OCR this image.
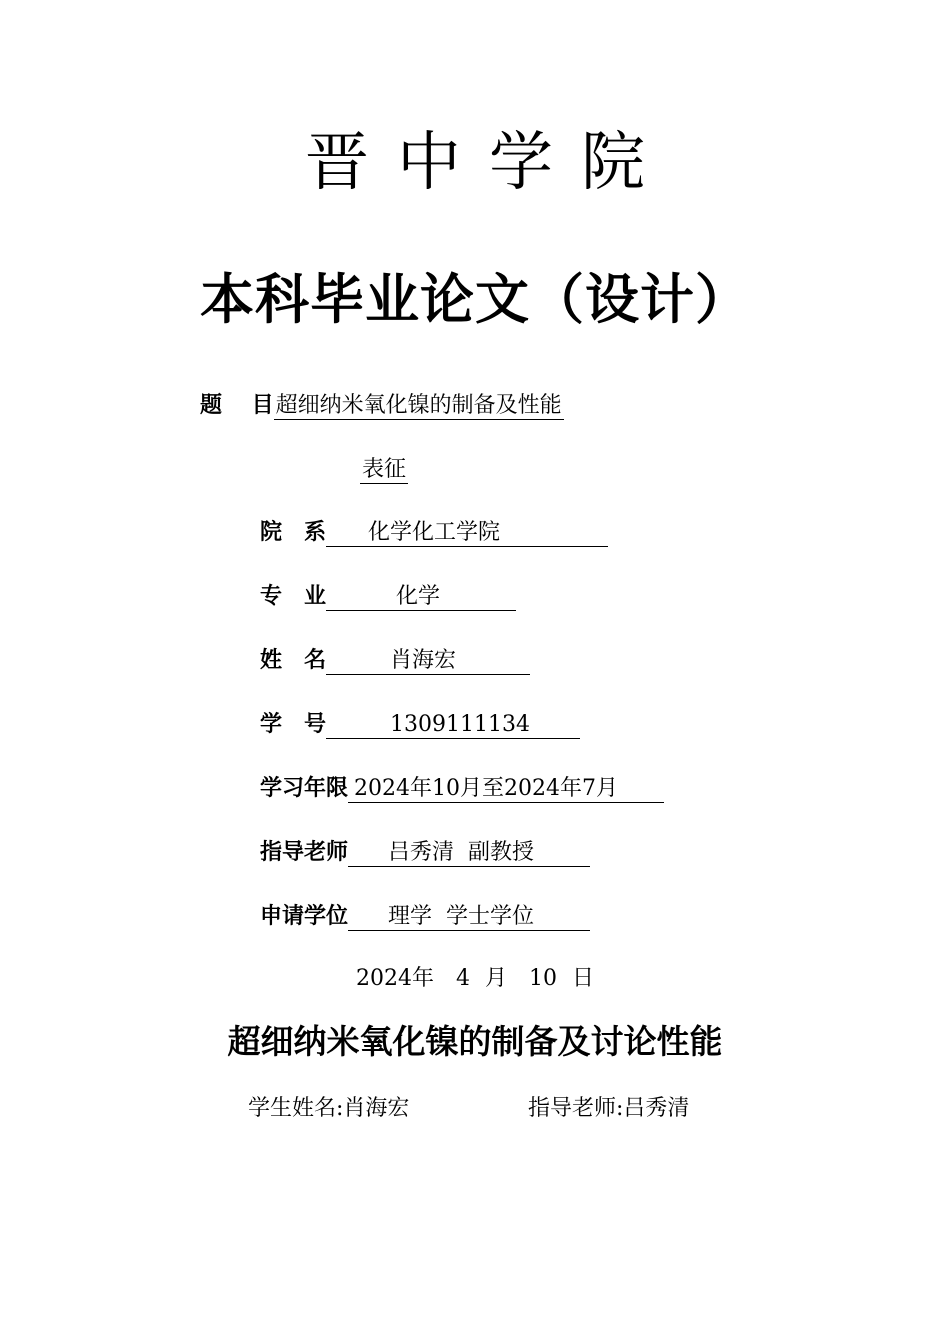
晋中学院
本科毕业论文（设计）
题　 目超细纳米氧化镍的制备及性能
表征
院　系 化学化工学院
专　业	化学
姓　名	肖海宏
学　号	1309111134
学习年限 2024年10月至2024年7月
指导老师 吕秀清  副教授
申请学位 理学  学士学位
2024年　4 月　10 日
超细纳米氧化镍的制备及讨论性能
学生姓名:肖海宏	指导老师:吕秀清
